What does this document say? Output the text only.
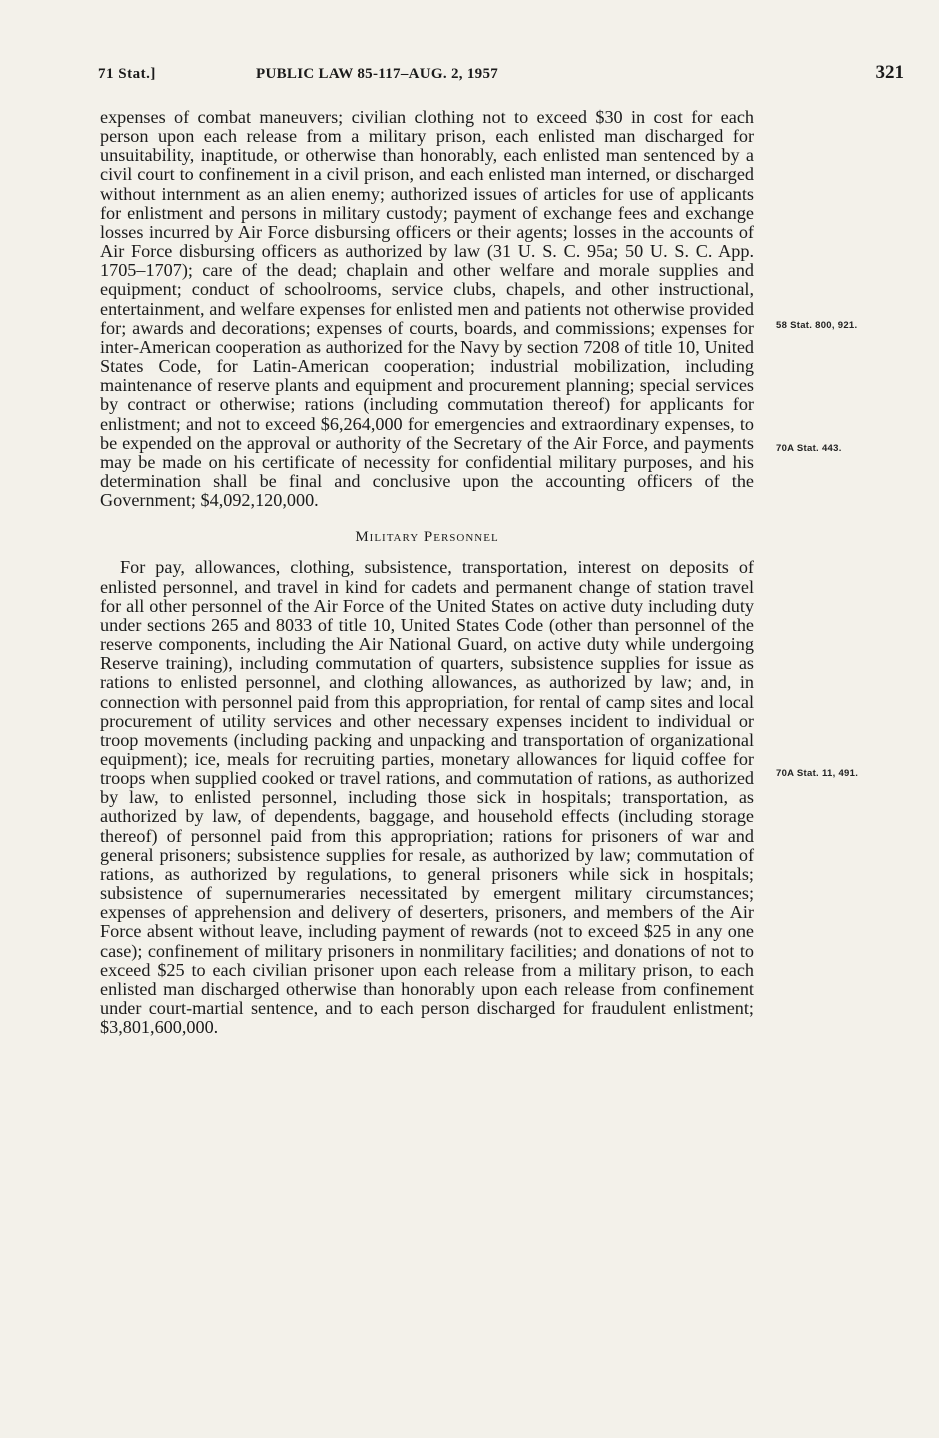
71 Stat.]	PUBLIC LAW 85-117–AUG. 2, 1957	321

expenses of combat maneuvers; civilian clothing not to exceed $30 in cost for each person upon each release from a military prison, each enlisted man discharged for unsuitability, inaptitude, or otherwise than honorably, each enlisted man sentenced by a civil court to confinement in a civil prison, and each enlisted man interned, or discharged without internment as an alien enemy; authorized issues of articles for use of applicants for enlistment and persons in military custody; payment of exchange fees and exchange losses incurred by Air Force disbursing officers or their agents; losses in the accounts of Air Force disbursing officers as authorized by law (31 U. S. C. 95a; 50 U. S. C. App. 1705–1707); care of the dead; chaplain and other welfare and morale supplies and equipment; conduct of schoolrooms, service clubs, chapels, and other instructional, entertainment, and welfare expenses for enlisted men and patients not otherwise provided for; awards and decorations; expenses of courts, boards, and commissions; expenses for inter-American cooperation as authorized for the Navy by section 7208 of title 10, United States Code, for Latin-American cooperation; industrial mobilization, including maintenance of reserve plants and equipment and procurement planning; special services by contract or otherwise; rations (including commutation thereof) for applicants for enlistment; and not to exceed $6,264,000 for emergencies and extraordinary expenses, to be expended on the approval or authority of the Secretary of the Air Force, and payments may be made on his certificate of necessity for confidential military purposes, and his determination shall be final and conclusive upon the accounting officers of the Government; $4,092,120,000.

Military Personnel

For pay, allowances, clothing, subsistence, transportation, interest on deposits of enlisted personnel, and travel in kind for cadets and permanent change of station travel for all other personnel of the Air Force of the United States on active duty including duty under sections 265 and 8033 of title 10, United States Code (other than personnel of the reserve components, including the Air National Guard, on active duty while undergoing Reserve training), including commutation of quarters, subsistence supplies for issue as rations to enlisted personnel, and clothing allowances, as authorized by law; and, in connection with personnel paid from this appropriation, for rental of camp sites and local procurement of utility services and other necessary expenses incident to individual or troop movements (including packing and unpacking and transportation of organizational equipment); ice, meals for recruiting parties, monetary allowances for liquid coffee for troops when supplied cooked or travel rations, and commutation of rations, as authorized by law, to enlisted personnel, including those sick in hospitals; transportation, as authorized by law, of dependents, baggage, and household effects (including storage thereof) of personnel paid from this appropriation; rations for prisoners of war and general prisoners; subsistence supplies for resale, as authorized by law; commutation of rations, as authorized by regulations, to general prisoners while sick in hospitals; subsistence of supernumeraries necessitated by emergent military circumstances; expenses of apprehension and delivery of deserters, prisoners, and members of the Air Force absent without leave, including payment of rewards (not to exceed $25 in any one case); confinement of military prisoners in nonmilitary facilities; and donations of not to exceed $25 to each civilian prisoner upon each release from a military prison, to each enlisted man discharged otherwise than honorably upon each release from confinement under court-martial sentence, and to each person discharged for fraudulent enlistment; $3,801,600,000.

58 Stat. 800, 921.
70A Stat. 443.
70A Stat. 11, 491.
